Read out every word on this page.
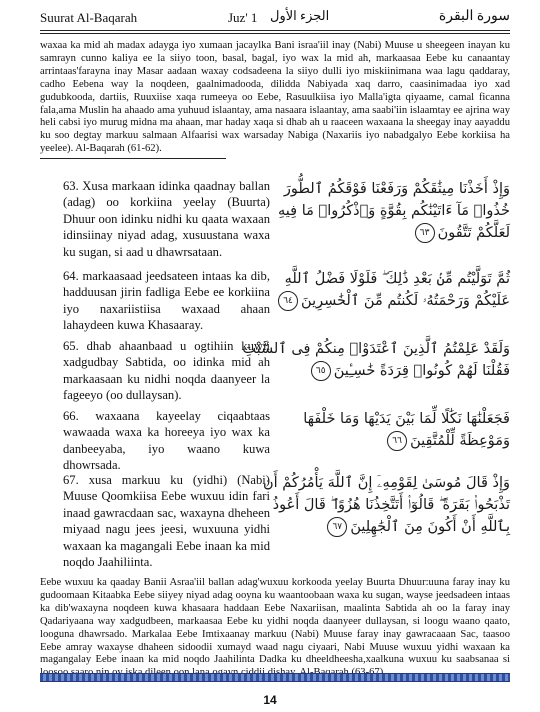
Suurat Al-Baqarah	Juz' 1 الجزء الأول	سورة البقرة
waxaa ka mid ah madax adayga iyo xumaan jacaylka Bani israa'iil inay (Nabi) Muuse u sheegeen inayan ku samrayn cunno kaliya ee la siiyo toon, basal, bagal, iyo wax la mid ah, markaasaa Eebe ku canaantay arrintaas'faraynа inay Masar aadaan waxay codsadeena la siiyo dulli iyo miskiinimana waa lagu qaddaray, cadho Eebena way la noqdeen, gaalnimadooda, dilidda Nabiyada xaq darro, caasinimadaa iyo xad gudubkooda, dartiis, Ruuxiise xaqa rumeeya oo Eebe, Rasuulkiisa iyo Malla'igta qiyaame, camal ficanna fala,ama Muslin ha ahaado ama yuhuud islaantay, ama nasaara islaantay, ama saabi'iin islaamtay ee ajrina way heli cabsi iyo murug midna ma ahaan, mar haday xaqa si dhab ah u raaceen waxaana la sheegay inay aayaddu ku soo degtay markuu salmaan Alfaarisi wax warsaday Nabiga (Naxariis iyo nabadgalyo Eebe korkiisa ha yeelee). Al-Baqarah (61-62).
63. Xusa markaan idinka qaadnay ballan (adag) oo korkiina yeelay (Buurta) Dhuur oon idinku nidhi ku qaata waxaan idinsiinay niyad adag, xusuustana waxa ku sugan, si aad u dhawrsataan.
وَإِذْ أَخَذْنَا مِيثَٰقَكُمْ وَرَفَعْنَا فَوْقَكُمُ ٱلطُّورَ
خُذُوا۟ مَآ ءَاتَيْنَٰكُم بِقُوَّةٍ وَٱذْكُرُوا۟ مَا فِيهِ
لَعَلَّكُمْ تَتَّقُونَ٦٣
64. markaasaad jeedsateen intaas ka dib, hadduusan jirin fadliga Eebe ee korkiina iyo naxariistiisa waxaad ahaan lahaydeen kuwa Khasaaray.
ثُمَّ تَوَلَّيْتُم مِّنۢ بَعْدِ ذَٰلِكَ ۖ فَلَوْلَا فَضْلُ ٱللَّهِ
عَلَيْكُمْ وَرَحْمَتُهُۥ لَكُنتُم مِّنَ ٱلْخَٰسِرِينَ٦٤
65. dhab ahaanbaad u ogtihiin kuwii xadgudbay Sabtida, oo idinka mid ah markaasaan ku nidhi noqda daanyeer la fageeyo (oo dullaysan).
وَلَقَدْ عَلِمْتُمُ ٱلَّذِينَ ٱعْتَدَوْا۟ مِنكُمْ فِى ٱلسَّبْتِ
فَقُلْنَا لَهُمْ كُونُوا۟ قِرَدَةً خَٰسِـِٔينَ٦٥
66. waxaana kayeelay ciqaabtaas wawaada waxa ka horeeya iyo wax ka danbeeyaba, iyo waano kuwa dhowrsada.
فَجَعَلْنَٰهَا نَكَٰلًا لِّمَا بَيْنَ يَدَيْهَا وَمَا خَلْفَهَا
وَمَوْعِظَةً لِّلْمُتَّقِينَ٦٦
67. xusa markuu ku (yidhi) (Nabi) Muuse Qoomkiisa Eebe wuxuu idin fari inaad gawracdaan sac, waxayna dheheen miyaad nagu jees jeesi, wuxuuna yidhi waxaan ka magangali Eebe inaan ka mid noqdo Jaahiliinta.
وَإِذْ قَالَ مُوسَىٰ لِقَوْمِهِۦٓ إِنَّ ٱللَّهَ يَأْمُرُكُمْ أَن
تَذْبَحُوا۟ بَقَرَةً ۖ قَالُوٓا۟ أَتَتَّخِذُنَا هُزُوًا ۖ قَالَ أَعُوذُ
بِٱللَّهِ أَنْ أَكُونَ مِنَ ٱلْجَٰهِلِينَ٦٧
Eebe wuxuu ka qaaday Banii Asraa'iil ballan adag'wuxuu korkooda yeelay Buurta Dhuur:uuna faray inay ku gudoomaan Kitaabka Eebe siiyey niyad adag ooyna ku waantoobaan waxa ku sugan, wayse jeedsadeen intaas ka dib'waxayna noqdeen kuwa khasaara haddaan Eebe Naxariisan, maalinta Sabtida ah oo la faray inay Qadariyaana way xadgudbeen, markaasaa Eebe ku yidhi noqda daanyeer dullaysan, si loogu waano qaato, looguna dhawrsado. Markalaa Eebe Imtixaanay markuu (Nabi) Muuse faray inay gawracaaan Sac, taasoo Eebe amray waxayse dhaheen sidoodii xumayd waad nagu ciyaari, Nabi Muuse wuxuu yidhi waxaan ka magangalay Eebe inaan ka mid noqdo Jaahilinta Dadka ku dheeldheesha,xaalkuna wuxuu ku saabsanaa si
14
